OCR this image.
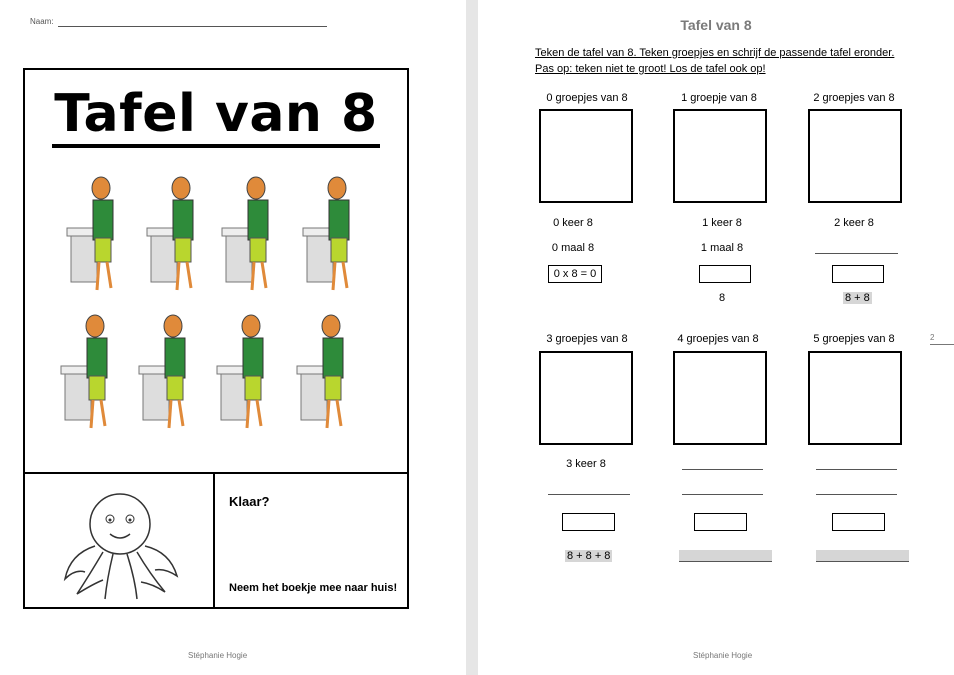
Naam:
Tafel van 8
Klaar?
Neem het boekje mee naar huis!
Stéphanie Hogie
Tafel van 8
Teken de tafel van 8. Teken groepjes en schrijf de passende tafel eronder.
Pas op: teken niet te groot! Los de tafel ook op!
0 groepjes van 8
0 keer 8
0 maal 8
0 x 8 = 0
1 groepje van 8
1 keer 8
1 maal 8
8
2 groepjes van 8
2 keer 8
8 + 8
3 groepjes van 8
3 keer 8
8 + 8 + 8
4 groepjes van 8	5 groepjes van 8
Stéphanie Hogie
2
